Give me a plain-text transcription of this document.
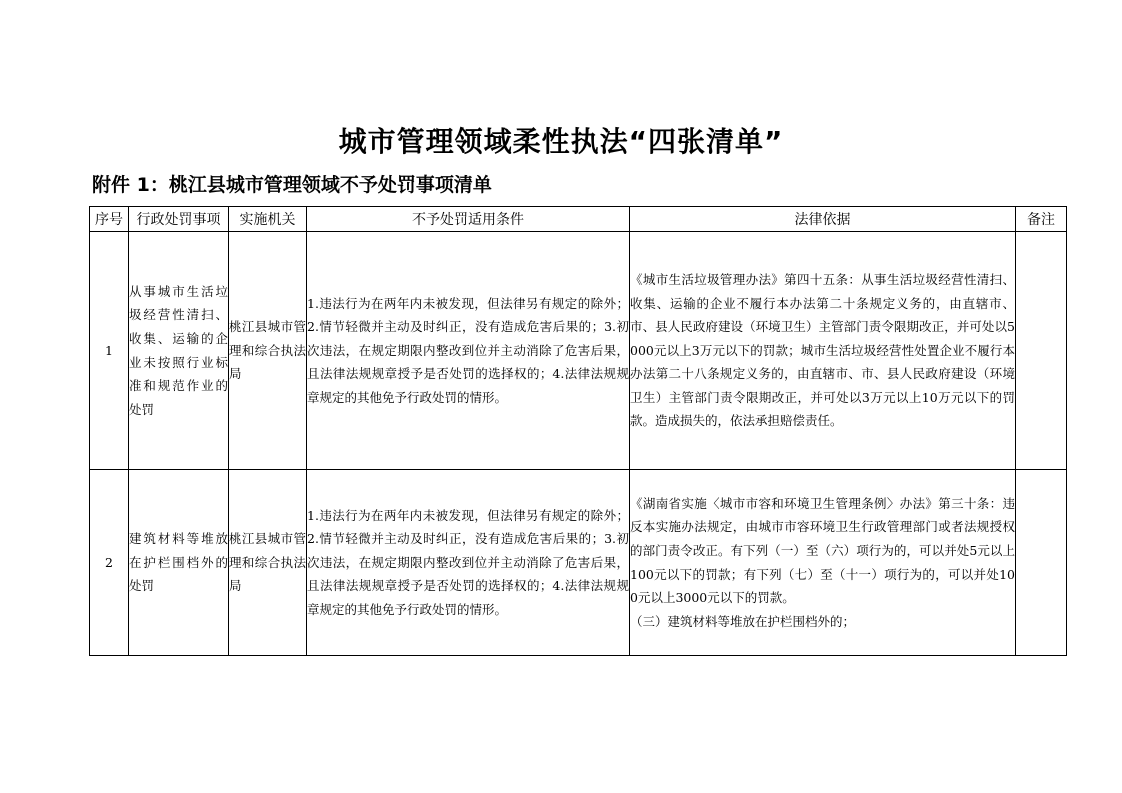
城市管理领域柔性执法“四张清单”
附件 1：桃江县城市管理领域不予处罚事项清单
序号	行政处罚事项	实施机关	不予处罚适用条件	法律依据	备注
1	从事城市生活垃圾经营性清扫、收集、运输的企业未按照行业标准和规范作业的处罚	桃江县城市管理和综合执法局	1.违法行为在两年内未被发现，但法律另有规定的除外；2.情节轻微并主动及时纠正，没有造成危害后果的；3.初次违法，在规定期限内整改到位并主动消除了危害后果，且法律法规规章授予是否处罚的选择权的；4.法律法规规章规定的其他免予行政处罚的情形。	《城市生活垃圾管理办法》第四十五条：从事生活垃圾经营性清扫、收集、运输的企业不履行本办法第二十条规定义务的，由直辖市、市、县人民政府建设（环境卫生）主管部门责令限期改正，并可处以5000元以上3万元以下的罚款；城市生活垃圾经营性处置企业不履行本办法第二十八条规定义务的，由直辖市、市、县人民政府建设（环境卫生）主管部门责令限期改正，并可处以3万元以上10万元以下的罚款。造成损失的，依法承担赔偿责任。	
2	建筑材料等堆放在护栏围档外的处罚	桃江县城市管理和综合执法局	1.违法行为在两年内未被发现，但法律另有规定的除外；2.情节轻微并主动及时纠正，没有造成危害后果的；3.初次违法，在规定期限内整改到位并主动消除了危害后果，且法律法规规章授予是否处罚的选择权的；4.法律法规规章规定的其他免予行政处罚的情形。	《湖南省实施〈城市市容和环境卫生管理条例〉办法》第三十条：违反本实施办法规定，由城市市容环境卫生行政管理部门或者法规授权的部门责令改正。有下列（一）至（六）项行为的，可以并处5元以上100元以下的罚款；有下列（七）至（十一）项行为的，可以并处100元以上3000元以下的罚款。
（三）建筑材料等堆放在护栏围档外的；	
